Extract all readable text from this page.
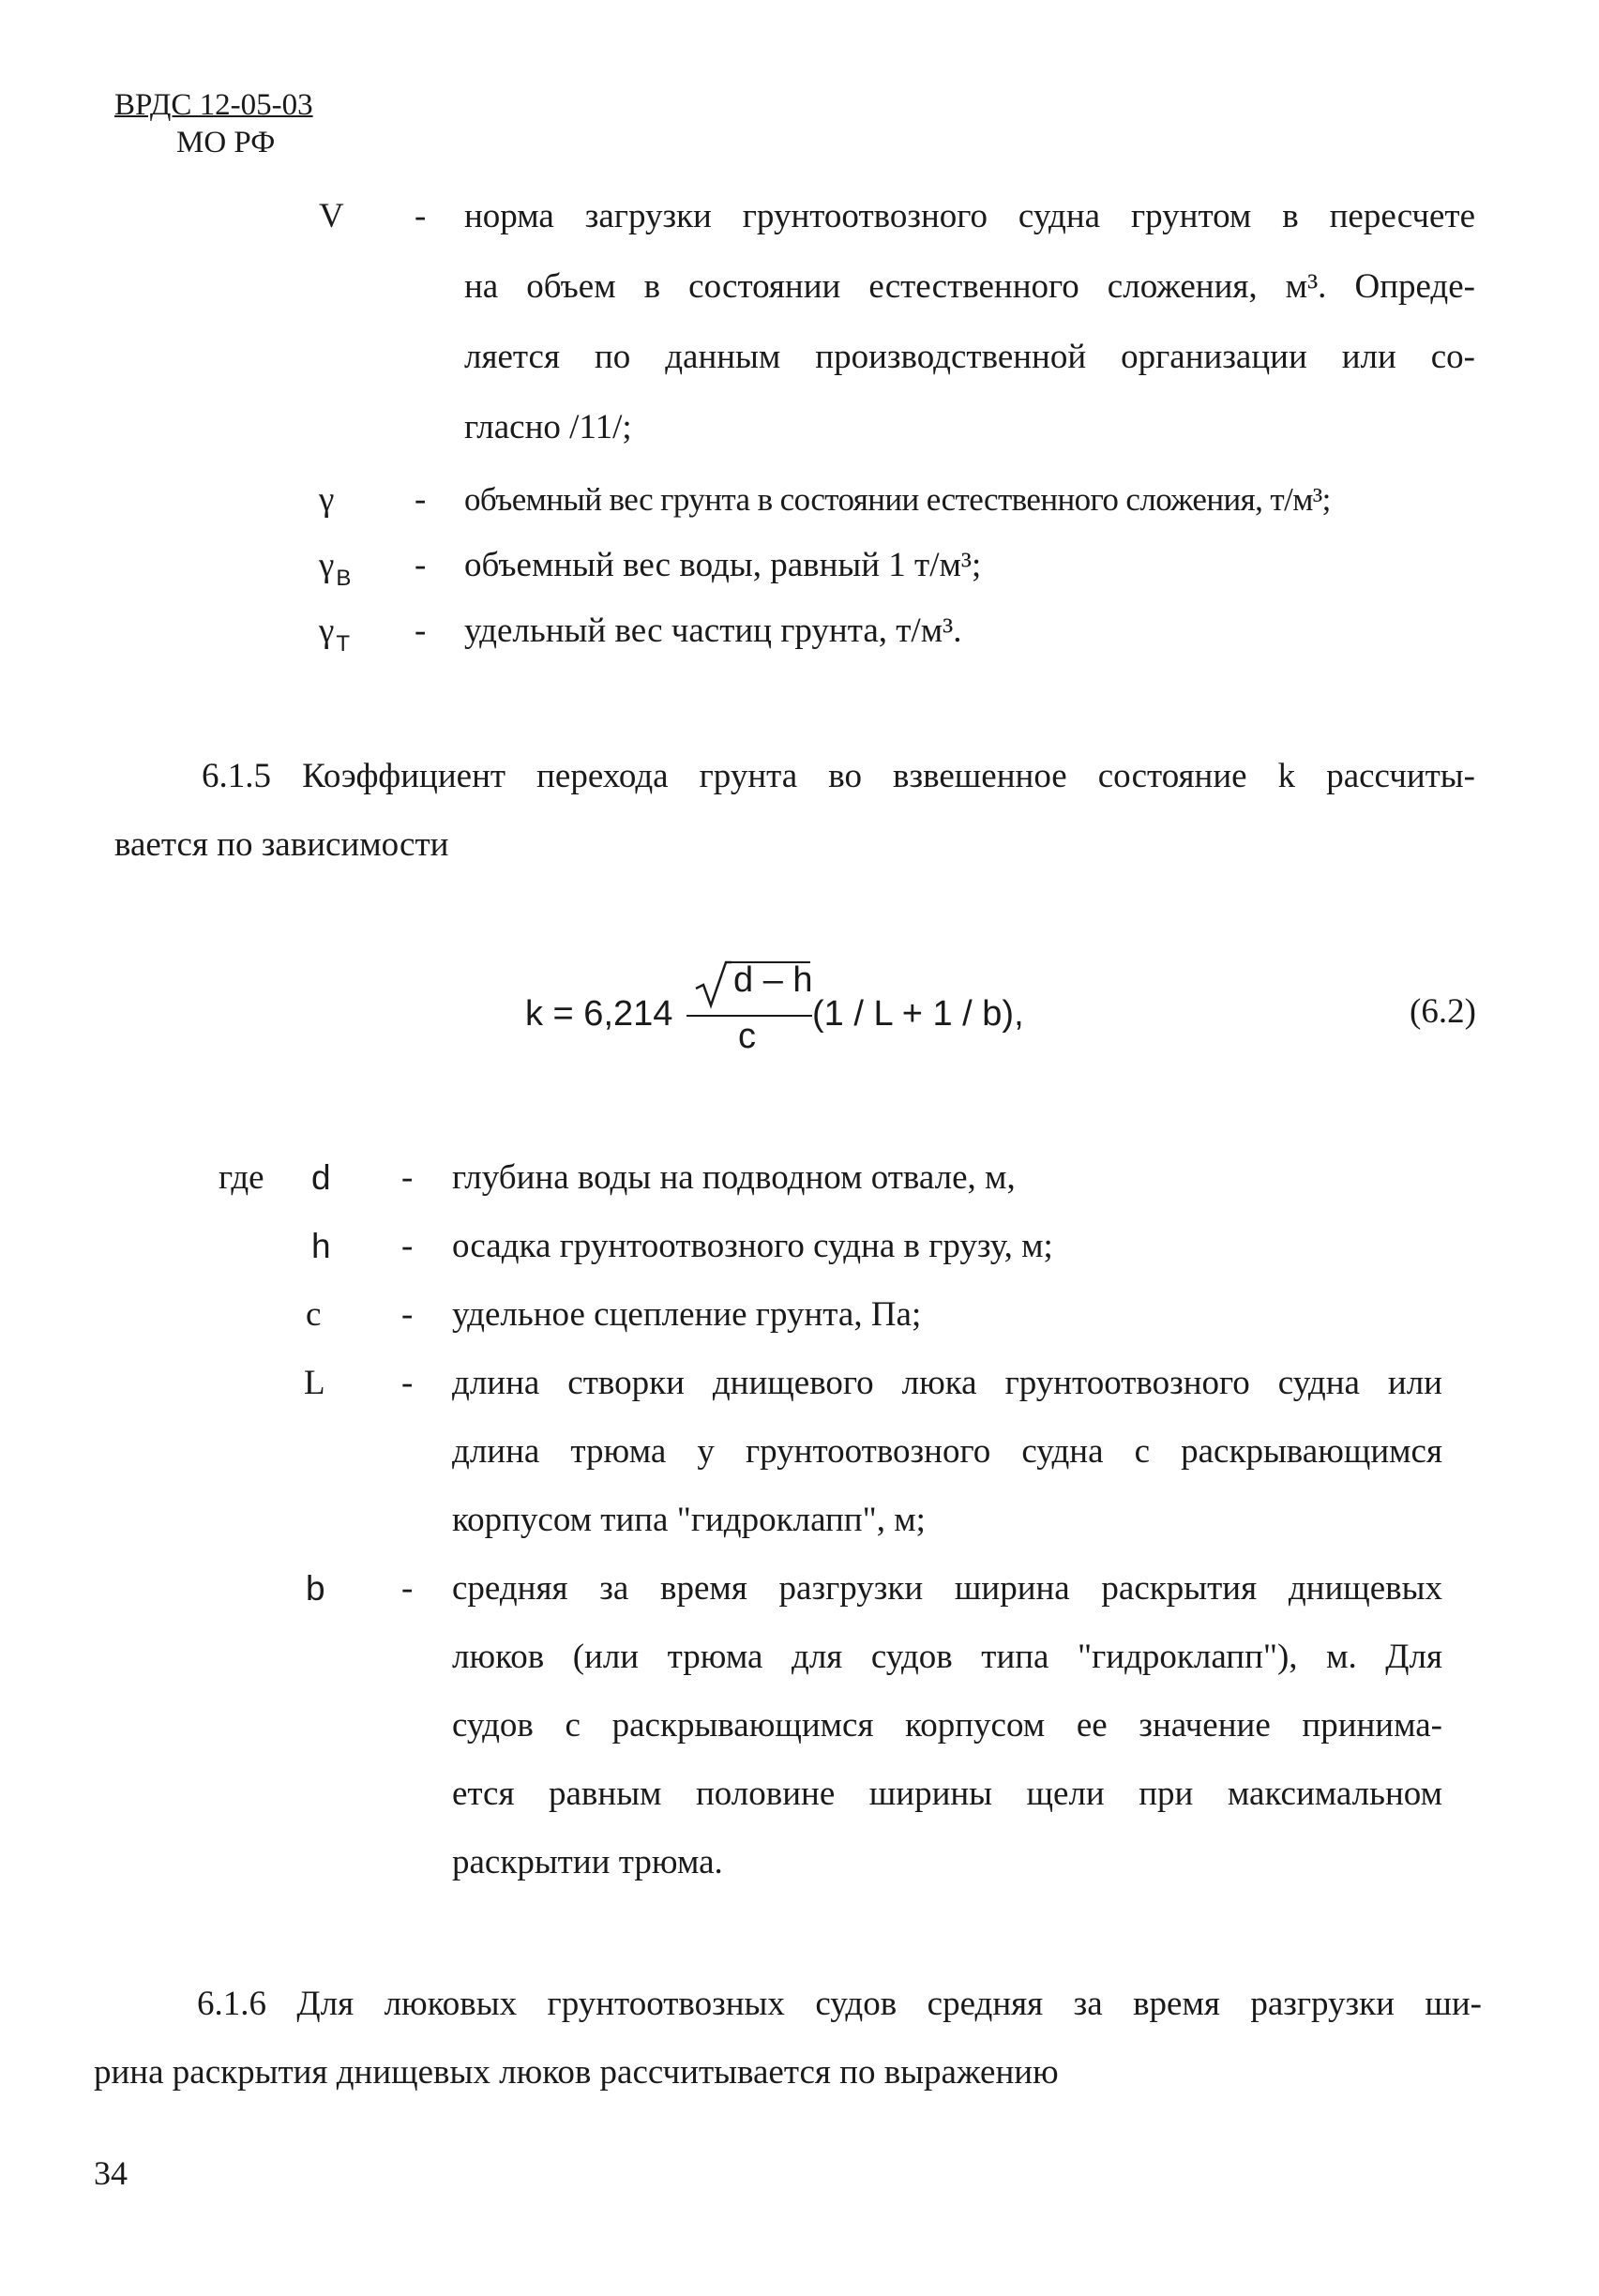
ВРДС 12-05-03
МО РФ
V - норма загрузки грунтоотвозного судна грунтом в пересчете
на объем в состоянии естественного сложения, м³. Опреде-
ляется по данным производственной организации или со-
гласно /11/;
γ - объемный вес грунта в состоянии естественного сложения, т/м³;
$\gamma_B$ - объемный вес воды, равный 1 т/м³;
$\gamma_T$ - удельный вес частиц грунта, т/м³.
6.1.5 Коэффициент перехода грунта во взвешенное состояние k рассчиты-
вается по зависимости
k = 6,214
d – h
c
(1 / L + 1 / b),	(6.2)
где d - глубина воды на подводном отвале, м,
h - осадка грунтоотвозного судна в грузу, м;
c - удельное сцепление грунта, Па;
L - длина створки днищевого люка грунтоотвозного судна или
длина трюма у грунтоотвозного судна с раскрывающимся
корпусом типа "гидроклапп", м;
b - средняя за время разгрузки ширина раскрытия днищевых
люков (или трюма для судов типа "гидроклапп"), м. Для
судов с раскрывающимся корпусом ее значение принима-
ется равным половине ширины щели при максимальном
раскрытии трюма.
6.1.6 Для люковых грунтоотвозных судов средняя за время разгрузки ши-
рина раскрытия днищевых люков рассчитывается по выражению
34
